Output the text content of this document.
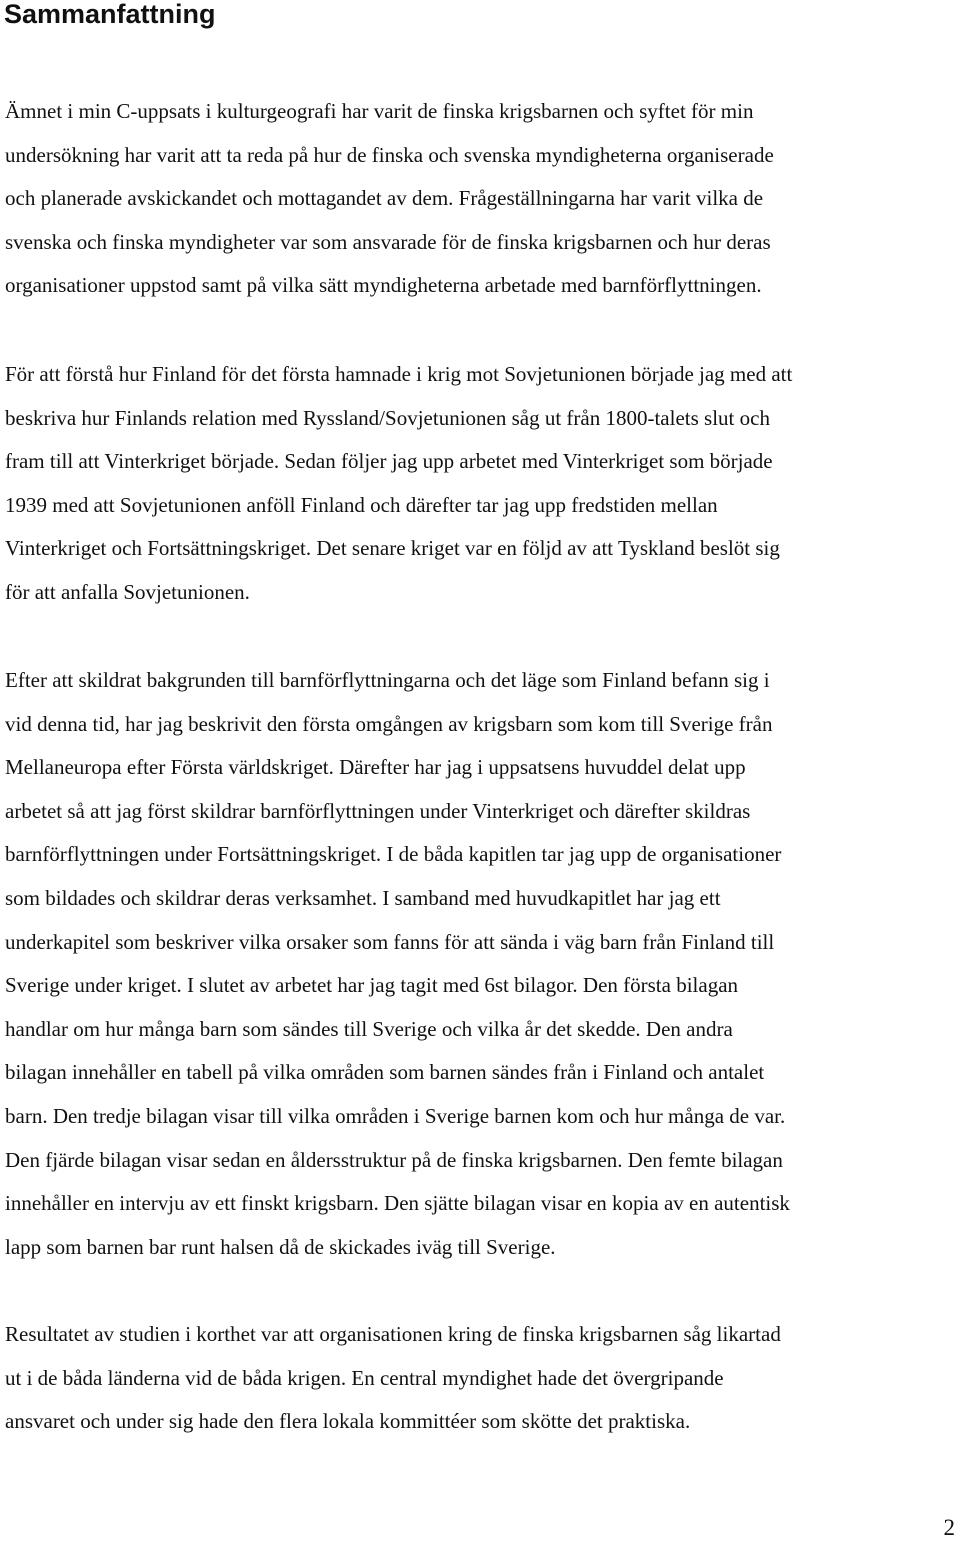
Sammanfattning

Ämnet i min C-uppsats i kulturgeografi har varit de finska krigsbarnen och syftet för min
undersökning har varit att ta reda på hur de finska och svenska myndigheterna organiserade
och planerade avskickandet och mottagandet av dem. Frågeställningarna har varit vilka de
svenska och finska myndigheter var som ansvarade för de finska krigsbarnen och hur deras
organisationer uppstod samt på vilka sätt myndigheterna arbetade med barnförflyttningen.

För att förstå hur Finland för det första hamnade i krig mot Sovjetunionen började jag med att
beskriva hur Finlands relation med Ryssland/Sovjetunionen såg ut från 1800-talets slut och
fram till att Vinterkriget började. Sedan följer jag upp arbetet med Vinterkriget som började
1939 med att Sovjetunionen anföll Finland och därefter tar jag upp fredstiden mellan
Vinterkriget och Fortsättningskriget. Det senare kriget var en följd av att Tyskland beslöt sig
för att anfalla Sovjetunionen.

Efter att skildrat bakgrunden till barnförflyttningarna och det läge som Finland befann sig i
vid denna tid, har jag beskrivit den första omgången av krigsbarn som kom till Sverige från
Mellaneuropa efter Första världskriget. Därefter har jag i uppsatsens huvuddel delat upp
arbetet så att jag först skildrar barnförflyttningen under Vinterkriget och därefter skildras
barnförflyttningen under Fortsättningskriget. I de båda kapitlen tar jag upp de organisationer
som bildades och skildrar deras verksamhet. I samband med huvudkapitlet har jag ett
underkapitel som beskriver vilka orsaker som fanns för att sända i väg barn från Finland till
Sverige under kriget. I slutet av arbetet har jag tagit med 6st bilagor. Den första bilagan
handlar om hur många barn som sändes till Sverige och vilka år det skedde. Den andra
bilagan innehåller en tabell på vilka områden som barnen sändes från i Finland och antalet
barn. Den tredje bilagan visar till vilka områden i Sverige barnen kom och hur många de var.
Den fjärde bilagan visar sedan en åldersstruktur på de finska krigsbarnen. Den femte bilagan
innehåller en intervju av ett finskt krigsbarn. Den sjätte bilagan visar en kopia av en autentisk
lapp som barnen bar runt halsen då de skickades iväg till Sverige.

Resultatet av studien i korthet var att organisationen kring de finska krigsbarnen såg likartad
ut i de båda länderna vid de båda krigen. En central myndighet hade det övergripande
ansvaret och under sig hade den flera lokala kommittéer som skötte det praktiska.

2
